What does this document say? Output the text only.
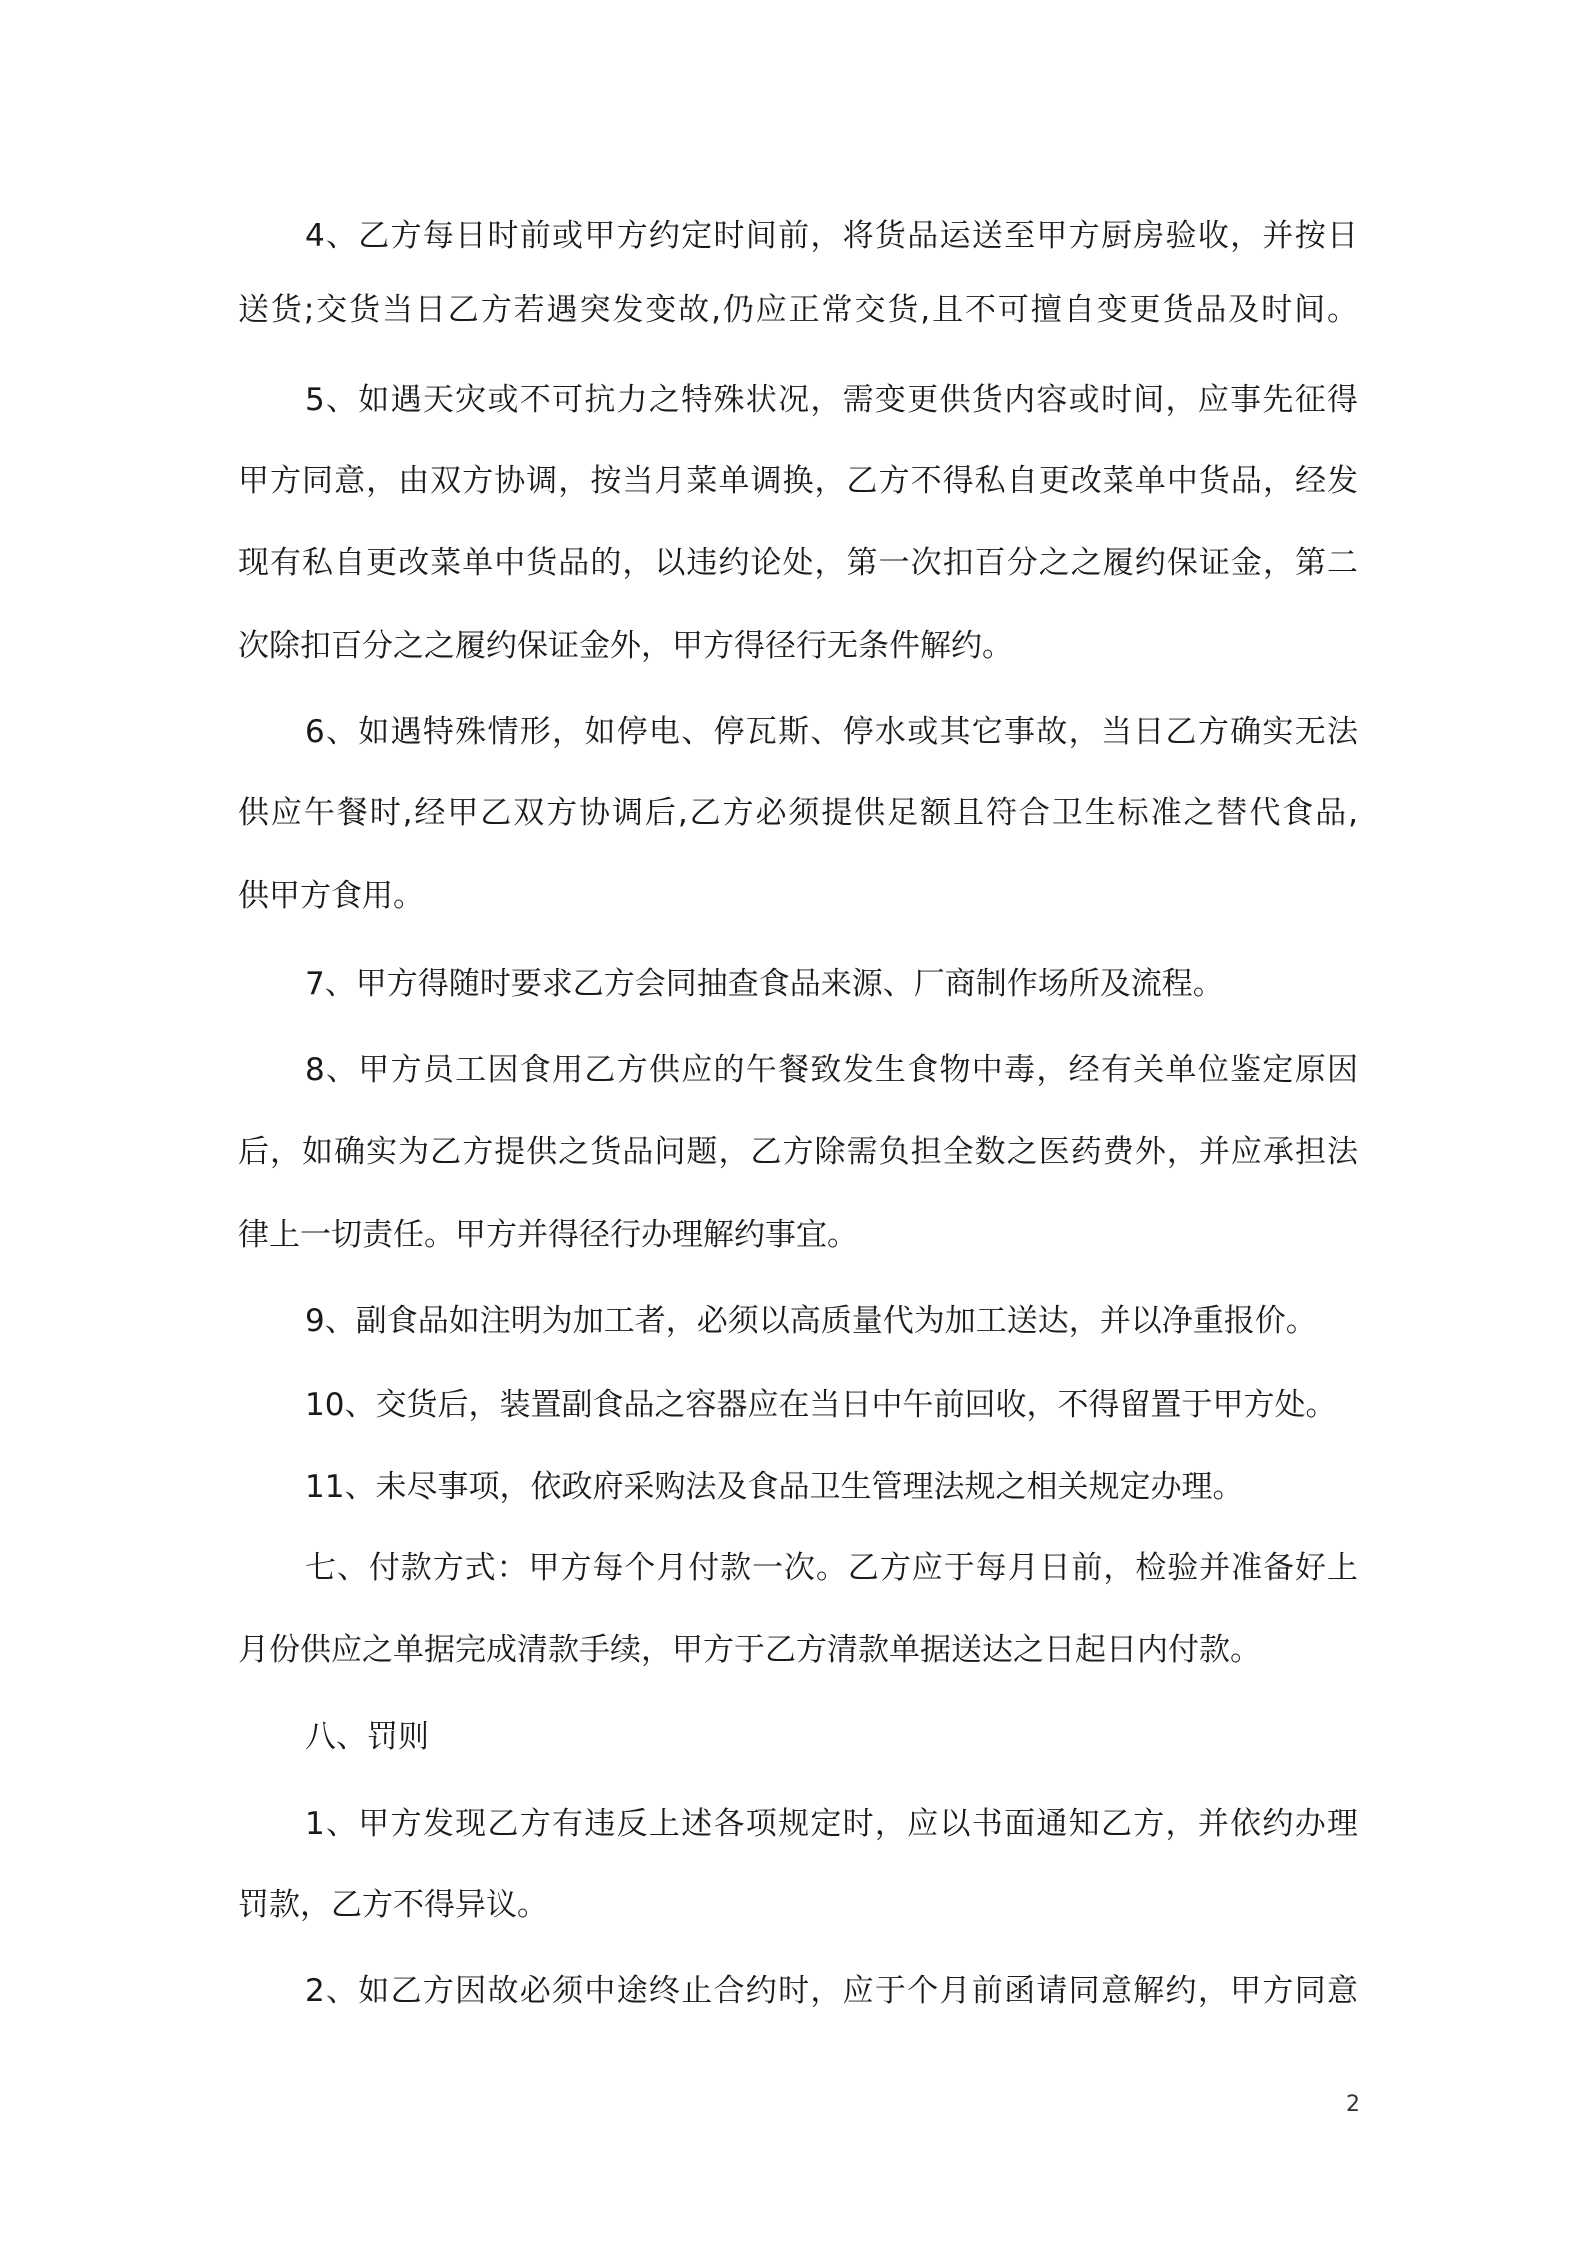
4、乙方每日时前或甲方约定时间前，将货品运送至甲方厨房验收，并按日
送货;交货当日乙方若遇突发变故,仍应正常交货,且不可擅自变更货品及时间。
5、如遇天灾或不可抗力之特殊状况，需变更供货内容或时间，应事先征得
甲方同意，由双方协调，按当月菜单调换，乙方不得私自更改菜单中货品，经发
现有私自更改菜单中货品的，以违约论处，第一次扣百分之之履约保证金，第二
次除扣百分之之履约保证金外，甲方得径行无条件解约。
6、如遇特殊情形，如停电、停瓦斯、停水或其它事故，当日乙方确实无法
供应午餐时,经甲乙双方协调后,乙方必须提供足额且符合卫生标准之替代食品,
供甲方食用。
7、甲方得随时要求乙方会同抽查食品来源、厂商制作场所及流程。
8、甲方员工因食用乙方供应的午餐致发生食物中毒，经有关单位鉴定原因
后，如确实为乙方提供之货品问题，乙方除需负担全数之医药费外，并应承担法
律上一切责任。甲方并得径行办理解约事宜。
9、副食品如注明为加工者，必须以高质量代为加工送达，并以净重报价。
10、交货后，装置副食品之容器应在当日中午前回收，不得留置于甲方处。
11、未尽事项，依政府采购法及食品卫生管理法规之相关规定办理。
七、付款方式：甲方每个月付款一次。乙方应于每月日前，检验并准备好上
月份供应之单据完成清款手续，甲方于乙方清款单据送达之日起日内付款。
八、罚则
1、甲方发现乙方有违反上述各项规定时，应以书面通知乙方，并依约办理
罚款，乙方不得异议。
2、如乙方因故必须中途终止合约时，应于个月前函请同意解约，甲方同意
2
